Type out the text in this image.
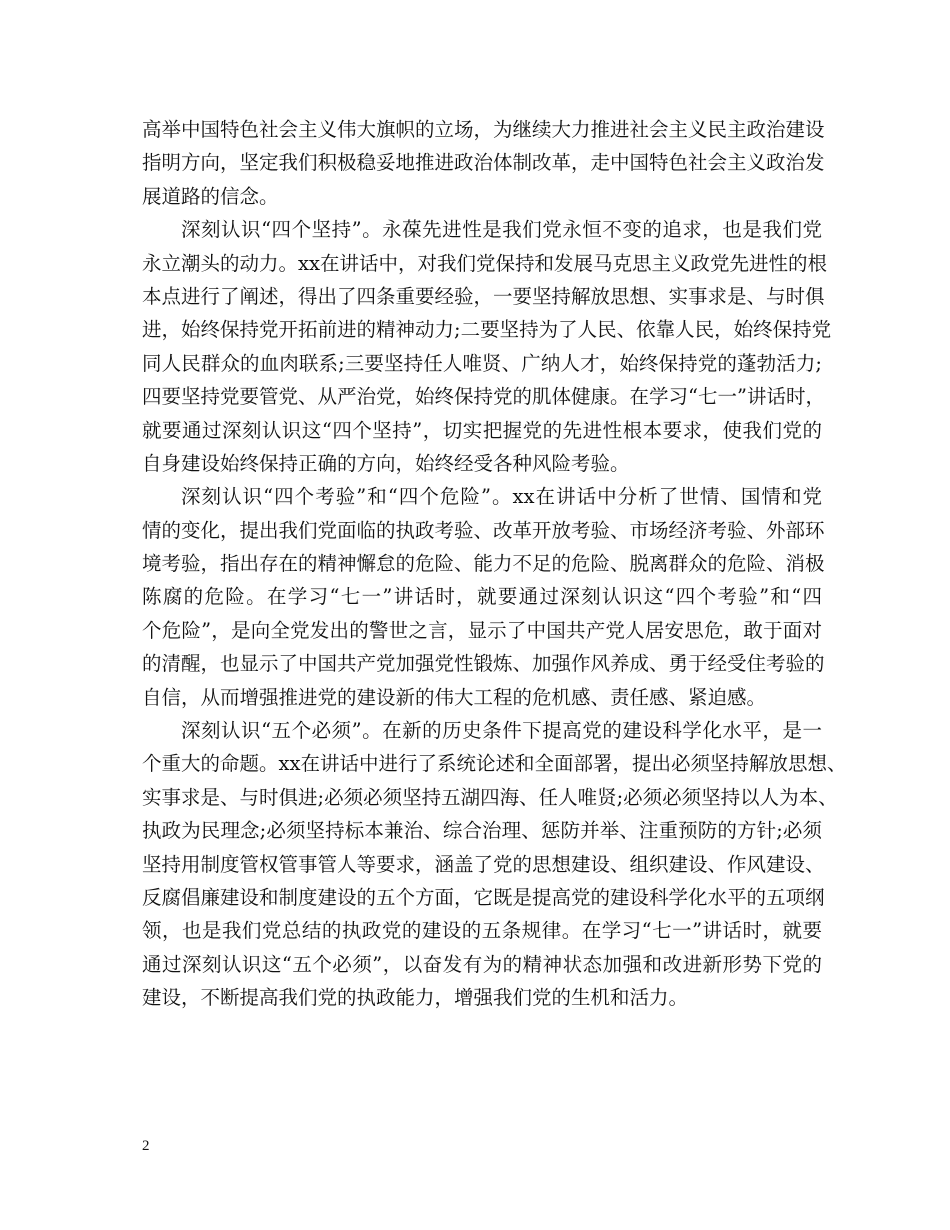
高举中国特色社会主义伟大旗帜的立场，为继续大力推进社会主义民主政治建设
指明方向，坚定我们积极稳妥地推进政治体制改革，走中国特色社会主义政治发
展道路的信念。
深刻认识“四个坚持”。永葆先进性是我们党永恒不变的追求，也是我们党
永立潮头的动力。xx在讲话中，对我们党保持和发展马克思主义政党先进性的根
本点进行了阐述，得出了四条重要经验，一要坚持解放思想、实事求是、与时俱
进，始终保持党开拓前进的精神动力;二要坚持为了人民、依靠人民，始终保持党
同人民群众的血肉联系;三要坚持任人唯贤、广纳人才，始终保持党的蓬勃活力;
四要坚持党要管党、从严治党，始终保持党的肌体健康。在学习“七一”讲话时，
就要通过深刻认识这“四个坚持”，切实把握党的先进性根本要求，使我们党的
自身建设始终保持正确的方向，始终经受各种风险考验。
深刻认识“四个考验”和“四个危险”。xx在讲话中分析了世情、国情和党
情的变化，提出我们党面临的执政考验、改革开放考验、市场经济考验、外部环
境考验，指出存在的精神懈怠的危险、能力不足的危险、脱离群众的危险、消极
陈腐的危险。在学习“七一”讲话时，就要通过深刻认识这“四个考验”和“四
个危险”，是向全党发出的警世之言，显示了中国共产党人居安思危，敢于面对
的清醒，也显示了中国共产党加强党性锻炼、加强作风养成、勇于经受住考验的
自信，从而增强推进党的建设新的伟大工程的危机感、责任感、紧迫感。
深刻认识“五个必须”。在新的历史条件下提高党的建设科学化水平，是一
个重大的命题。xx在讲话中进行了系统论述和全面部署，提出必须坚持解放思想、
实事求是、与时俱进;必须必须坚持五湖四海、任人唯贤;必须必须坚持以人为本、
执政为民理念;必须坚持标本兼治、综合治理、惩防并举、注重预防的方针;必须
坚持用制度管权管事管人等要求，涵盖了党的思想建设、组织建设、作风建设、
反腐倡廉建设和制度建设的五个方面，它既是提高党的建设科学化水平的五项纲
领，也是我们党总结的执政党的建设的五条规律。在学习“七一”讲话时，就要
通过深刻认识这“五个必须”，以奋发有为的精神状态加强和改进新形势下党的
建设，不断提高我们党的执政能力，增强我们党的生机和活力。
2
